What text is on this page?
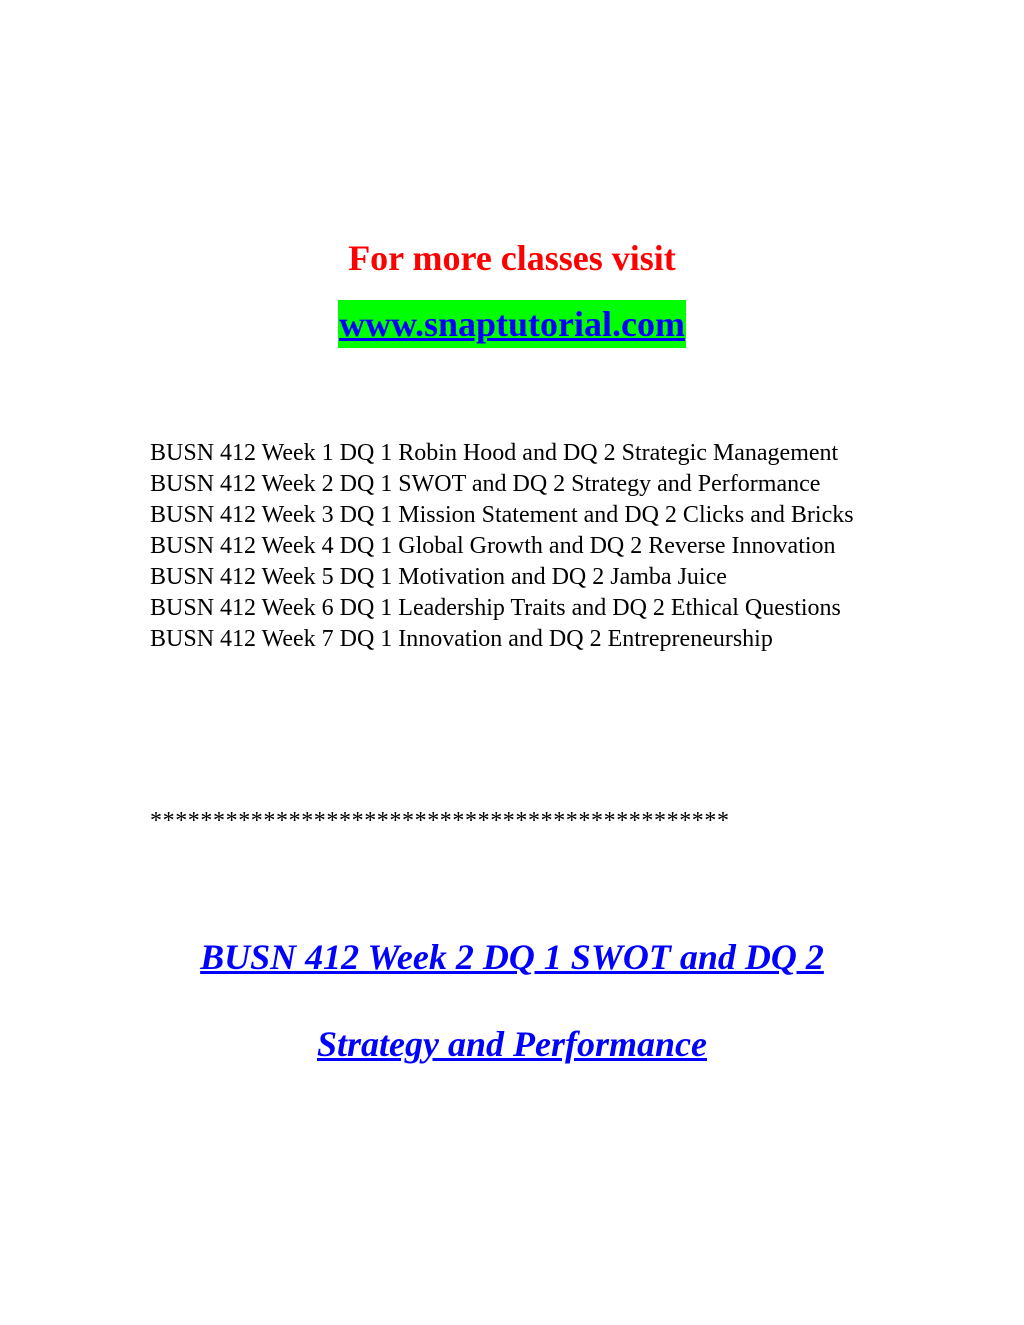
For more classes visit
www.snaptutorial.com
BUSN 412 Week 1 DQ 1 Robin Hood and DQ 2 Strategic Management
BUSN 412 Week 2 DQ 1 SWOT and DQ 2 Strategy and Performance
BUSN 412 Week 3 DQ 1 Mission Statement and DQ 2 Clicks and Bricks
BUSN 412 Week 4 DQ 1 Global Growth and DQ 2 Reverse Innovation
BUSN 412 Week 5 DQ 1 Motivation and DQ 2 Jamba Juice
BUSN 412 Week 6 DQ 1 Leadership Traits and DQ 2 Ethical Questions
BUSN 412 Week 7 DQ 1 Innovation and DQ 2 Entrepreneurship
**********************************************
BUSN 412 Week 2 DQ 1 SWOT and DQ 2
Strategy and Performance
